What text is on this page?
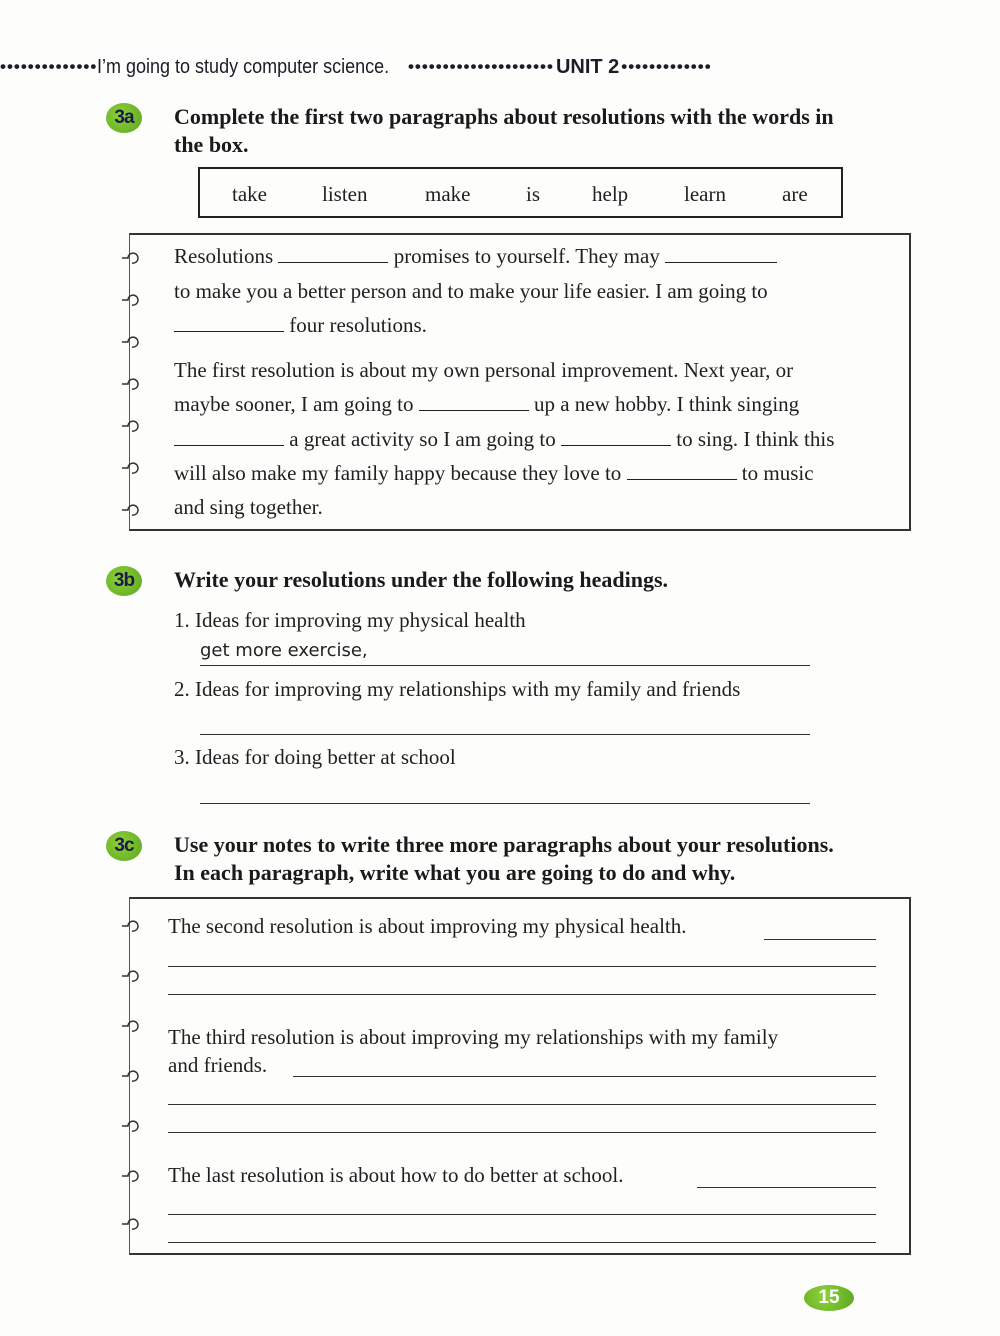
•••••••••••••• I’m going to study computer science. ••••••••••••••••••••• UNIT 2 •••••••••••••
3a	Complete the first two paragraphs about resolutions with the words in
the box.
take	listen	make	is help	learn	are
Resolutions	promises to yourself. They may
to make you a better person and to make your life easier. I am going to
four resolutions.
The first resolution is about my own personal improvement. Next year, or
maybe sooner, I am going to	up a new hobby. I think singing
a great activity so I am going to	to sing. I think this
will also make my family happy because they love to	to music
and sing together.
3b	Write your resolutions under the following headings.
1. Ideas for improving my physical health
get more exercise,
2. Ideas for improving my relationships with my family and friends
3. Ideas for doing better at school
3c	Use your notes to write three more paragraphs about your resolutions.
In each paragraph, write what you are going to do and why.
The second resolution is about improving my physical health.
The third resolution is about improving my relationships with my family
and friends.
The last resolution is about how to do better at school.
15
